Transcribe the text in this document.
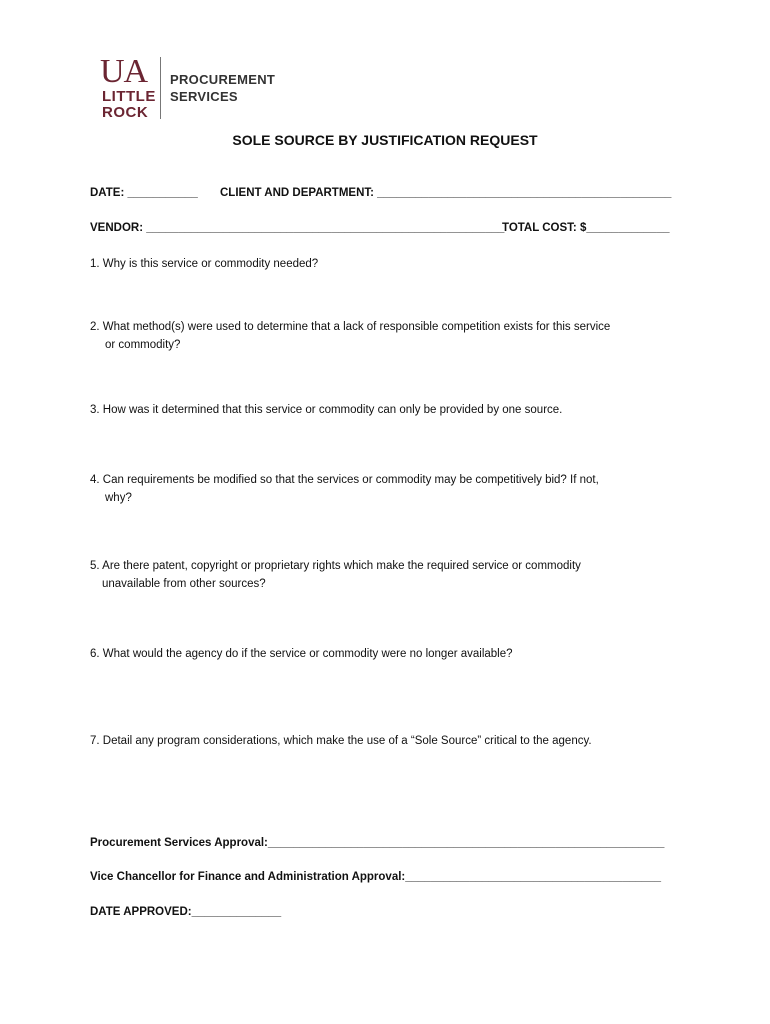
UA
LITTLE
ROCK
PROCUREMENT
SERVICES
SOLE SOURCE BY JUSTIFICATION REQUEST
DATE: ___________ CLIENT AND DEPARTMENT: ______________________________________________
VENDOR: ________________________________________________________
TOTAL COST: $_____________
1. Why is this service or commodity needed?
2. What method(s) were used to determine that a lack of responsible competition exists for this service
or commodity?
3. How was it determined that this service or commodity can only be provided by one source.
4. Can requirements be modified so that the services or commodity may be competitively bid? If not,
why?
5. Are there patent, copyright or proprietary rights which make the required service or commodity
unavailable from other sources?
6. What would the agency do if the service or commodity were no longer available?
7. Detail any program considerations, which make the use of a “Sole Source” critical to the agency.
Procurement Services Approval:______________________________________________________________
Vice Chancellor for Finance and Administration Approval:________________________________________
DATE APPROVED:______________
